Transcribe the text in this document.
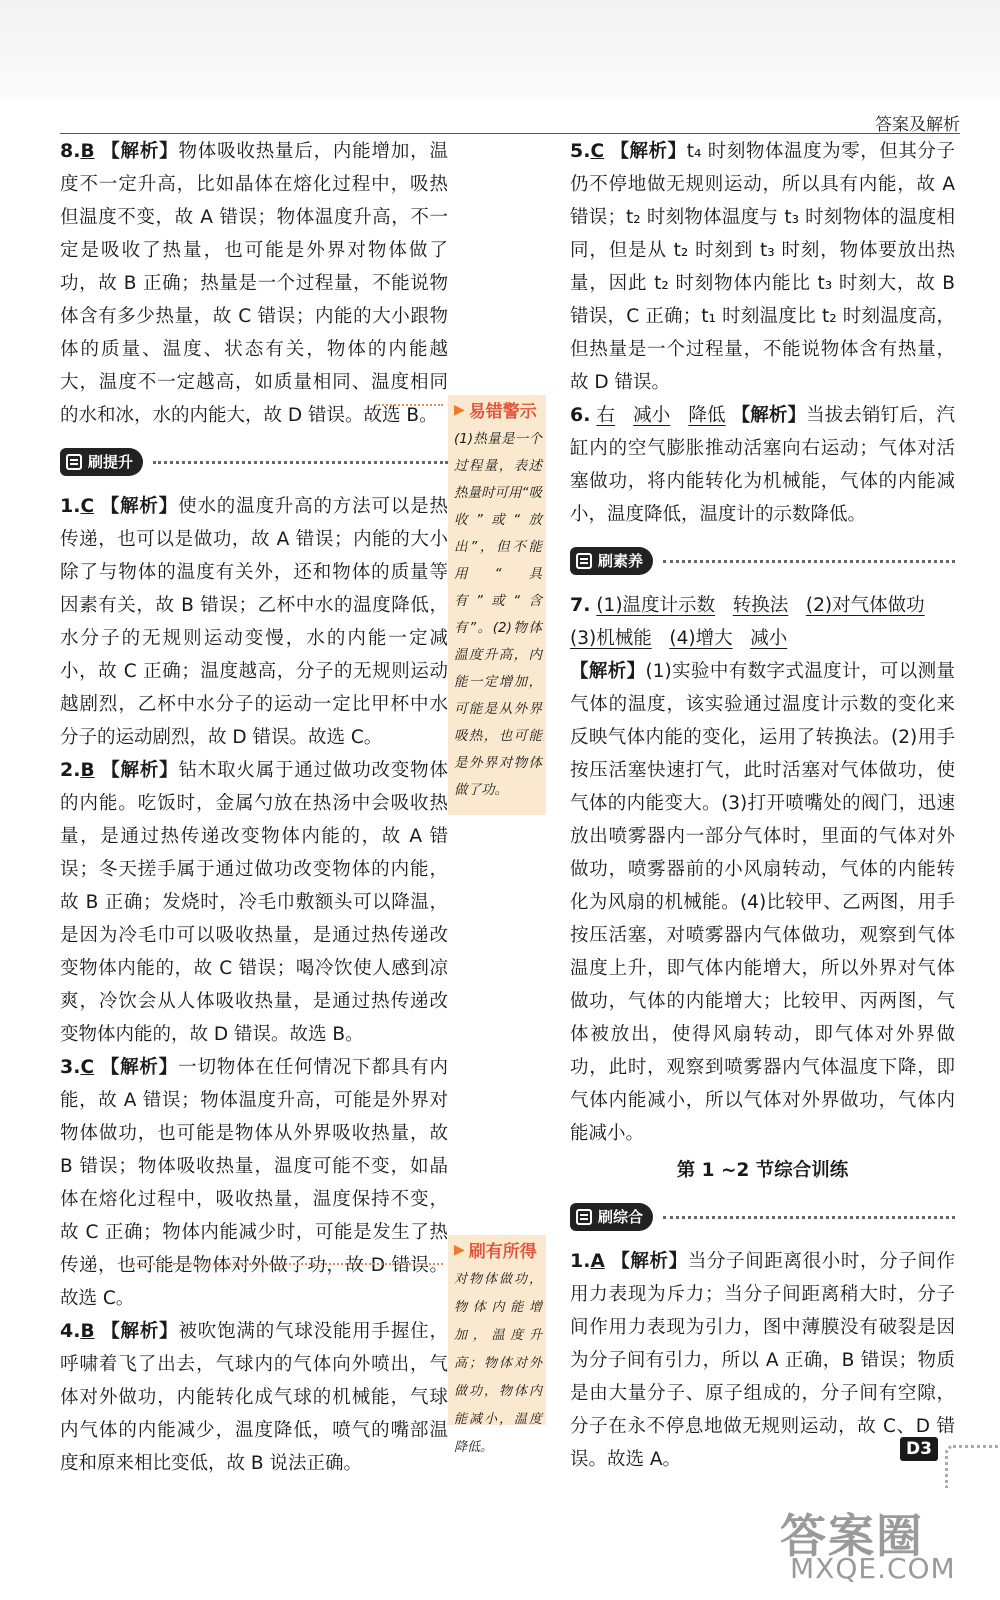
答案及解析

8.B 【解析】物体吸收热量后，内能增加，温度不一定升高，比如晶体在熔化过程中，吸热但温度不变，故 A 错误；物体温度升高，不一定是吸收了热量，也可能是外界对物体做了功，故 B 正确；热量是一个过程量，不能说物体含有多少热量，故 C 错误；内能的大小跟物体的质量、温度、状态有关，物体的内能越大，温度不一定越高，如质量相同、温度相同的水和冰，水的内能大，故 D 错误。故选 B。

刷提升

1.C 【解析】使水的温度升高的方法可以是热传递，也可以是做功，故 A 错误；内能的大小除了与物体的温度有关外，还和物体的质量等因素有关，故 B 错误；乙杯中水的温度降低，水分子的无规则运动变慢，水的内能一定减小，故 C 正确；温度越高，分子的无规则运动越剧烈，乙杯中水分子的运动一定比甲杯中水分子的运动剧烈，故 D 错误。故选 C。

2.B 【解析】钻木取火属于通过做功改变物体的内能。吃饭时，金属勺放在热汤中会吸收热量，是通过热传递改变物体内能的，故 A 错误；冬天搓手属于通过做功改变物体的内能，故 B 正确；发烧时，冷毛巾敷额头可以降温，是因为冷毛巾可以吸收热量，是通过热传递改变物体内能的，故 C 错误；喝冷饮使人感到凉爽，冷饮会从人体吸收热量，是通过热传递改变物体内能的，故 D 错误。故选 B。

3.C 【解析】一切物体在任何情况下都具有内能，故 A 错误；物体温度升高，可能是外界对物体做功，也可能是物体从外界吸收热量，故 B 错误；物体吸收热量，温度可能不变，如晶体在熔化过程中，吸收热量，温度保持不变，故 C 正确；物体内能减少时，可能是发生了热传递，也可能是物体对外做了功，故 D 错误。故选 C。

4.B 【解析】被吹饱满的气球没能用手握住，呼啸着飞了出去，气球内的气体向外喷出，气体对外做功，内能转化成气球的机械能，气球内气体的内能减少，温度降低，喷气的嘴部温度和原来相比变低，故 B 说法正确。

▶ 易错警示
(1)热量是一个过程量，表述热量时可用“吸收”或“放出”，但不能用“具有”或“含有”。(2)物体温度升高，内能一定增加，可能是从外界吸热，也可能是外界对物体做了功。
▶ 刷有所得
对物体做功，物体内能增加，温度升高；物体对外做功，物体内能减小，温度降低。

5.C 【解析】t₄ 时刻物体温度为零，但其分子仍不停地做无规则运动，所以具有内能，故 A 错误；t₂ 时刻物体温度与 t₃ 时刻物体的温度相同，但是从 t₂ 时刻到 t₃ 时刻，物体要放出热量，因此 t₂ 时刻物体内能比 t₃ 时刻大，故 B 错误，C 正确；t₁ 时刻温度比 t₂ 时刻温度高，但热量是一个过程量，不能说物体含有热量，故 D 错误。

6. 右 减小 降低 【解析】当拔去销钉后，汽缸内的空气膨胀推动活塞向右运动；气体对活塞做功，将内能转化为机械能，气体的内能减小，温度降低，温度计的示数降低。

刷素养

7. (1)温度计示数 转换法 (2)对气体做功
(3)机械能 (4)增大 减小

【解析】(1)实验中有数字式温度计，可以测量气体的温度，该实验通过温度计示数的变化来反映气体内能的变化，运用了转换法。(2)用手按压活塞快速打气，此时活塞对气体做功，使气体的内能变大。(3)打开喷嘴处的阀门，迅速放出喷雾器内一部分气体时，里面的气体对外做功，喷雾器前的小风扇转动，气体的内能转化为风扇的机械能。(4)比较甲、乙两图，用手按压活塞，对喷雾器内气体做功，观察到气体温度上升，即气体内能增大，所以外界对气体做功，气体的内能增大；比较甲、丙两图，气体被放出，使得风扇转动，即气体对外界做功，此时，观察到喷雾器内气体温度下降，即气体内能减小，所以气体对外界做功，气体内能减小。

第 1 ~2 节综合训练

刷综合

1.A 【解析】当分子间距离很小时，分子间作用力表现为斥力；当分子间距离稍大时，分子间作用力表现为引力，图中薄膜没有破裂是因为分子间有引力，所以 A 正确，B 错误；物质是由大量分子、原子组成的，分子间有空隙，分子在永不停息地做无规则运动，故 C、D 错误。故选 A。	D3
答案圈
MXQE.COM
